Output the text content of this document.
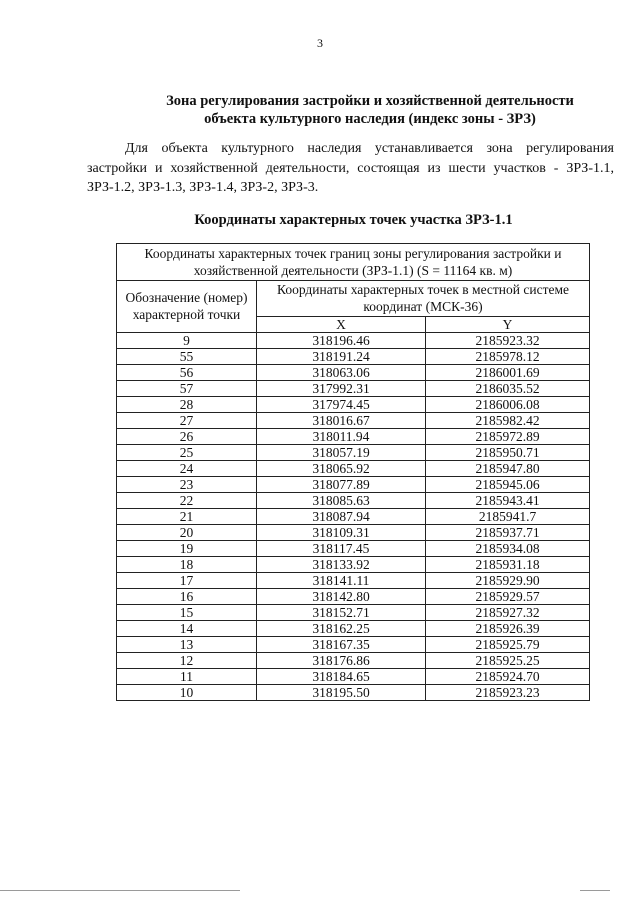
3
Зона регулирования застройки и хозяйственной деятельности
объекта культурного наследия (индекс зоны - ЗРЗ)
Для объекта культурного наследия устанавливается зона регулирования застройки и хозяйственной деятельности, состоящая из шести участков - ЗРЗ-1.1, ЗРЗ-1.2, ЗРЗ-1.3, ЗРЗ-1.4, ЗРЗ-2, ЗРЗ-3.
Координаты характерных точек участка ЗРЗ-1.1
Координаты характерных точек границ зоны регулирования застройки и хозяйственной деятельности (ЗРЗ-1.1) (S = 11164 кв. м)		
Обозначение (номер) характерной точки	Координаты характерных точек в местной системе координат (МСК-36)	
	X	Y
9	318196.46	2185923.32
55	318191.24	2185978.12
56	318063.06	2186001.69
57	317992.31	2186035.52
28	317974.45	2186006.08
27	318016.67	2185982.42
26	318011.94	2185972.89
25	318057.19	2185950.71
24	318065.92	2185947.80
23	318077.89	2185945.06
22	318085.63	2185943.41
21	318087.94	2185941.7
20	318109.31	2185937.71
19	318117.45	2185934.08
18	318133.92	2185931.18
17	318141.11	2185929.90
16	318142.80	2185929.57
15	318152.71	2185927.32
14	318162.25	2185926.39
13	318167.35	2185925.79
12	318176.86	2185925.25
11	318184.65	2185924.70
10	318195.50	2185923.23
